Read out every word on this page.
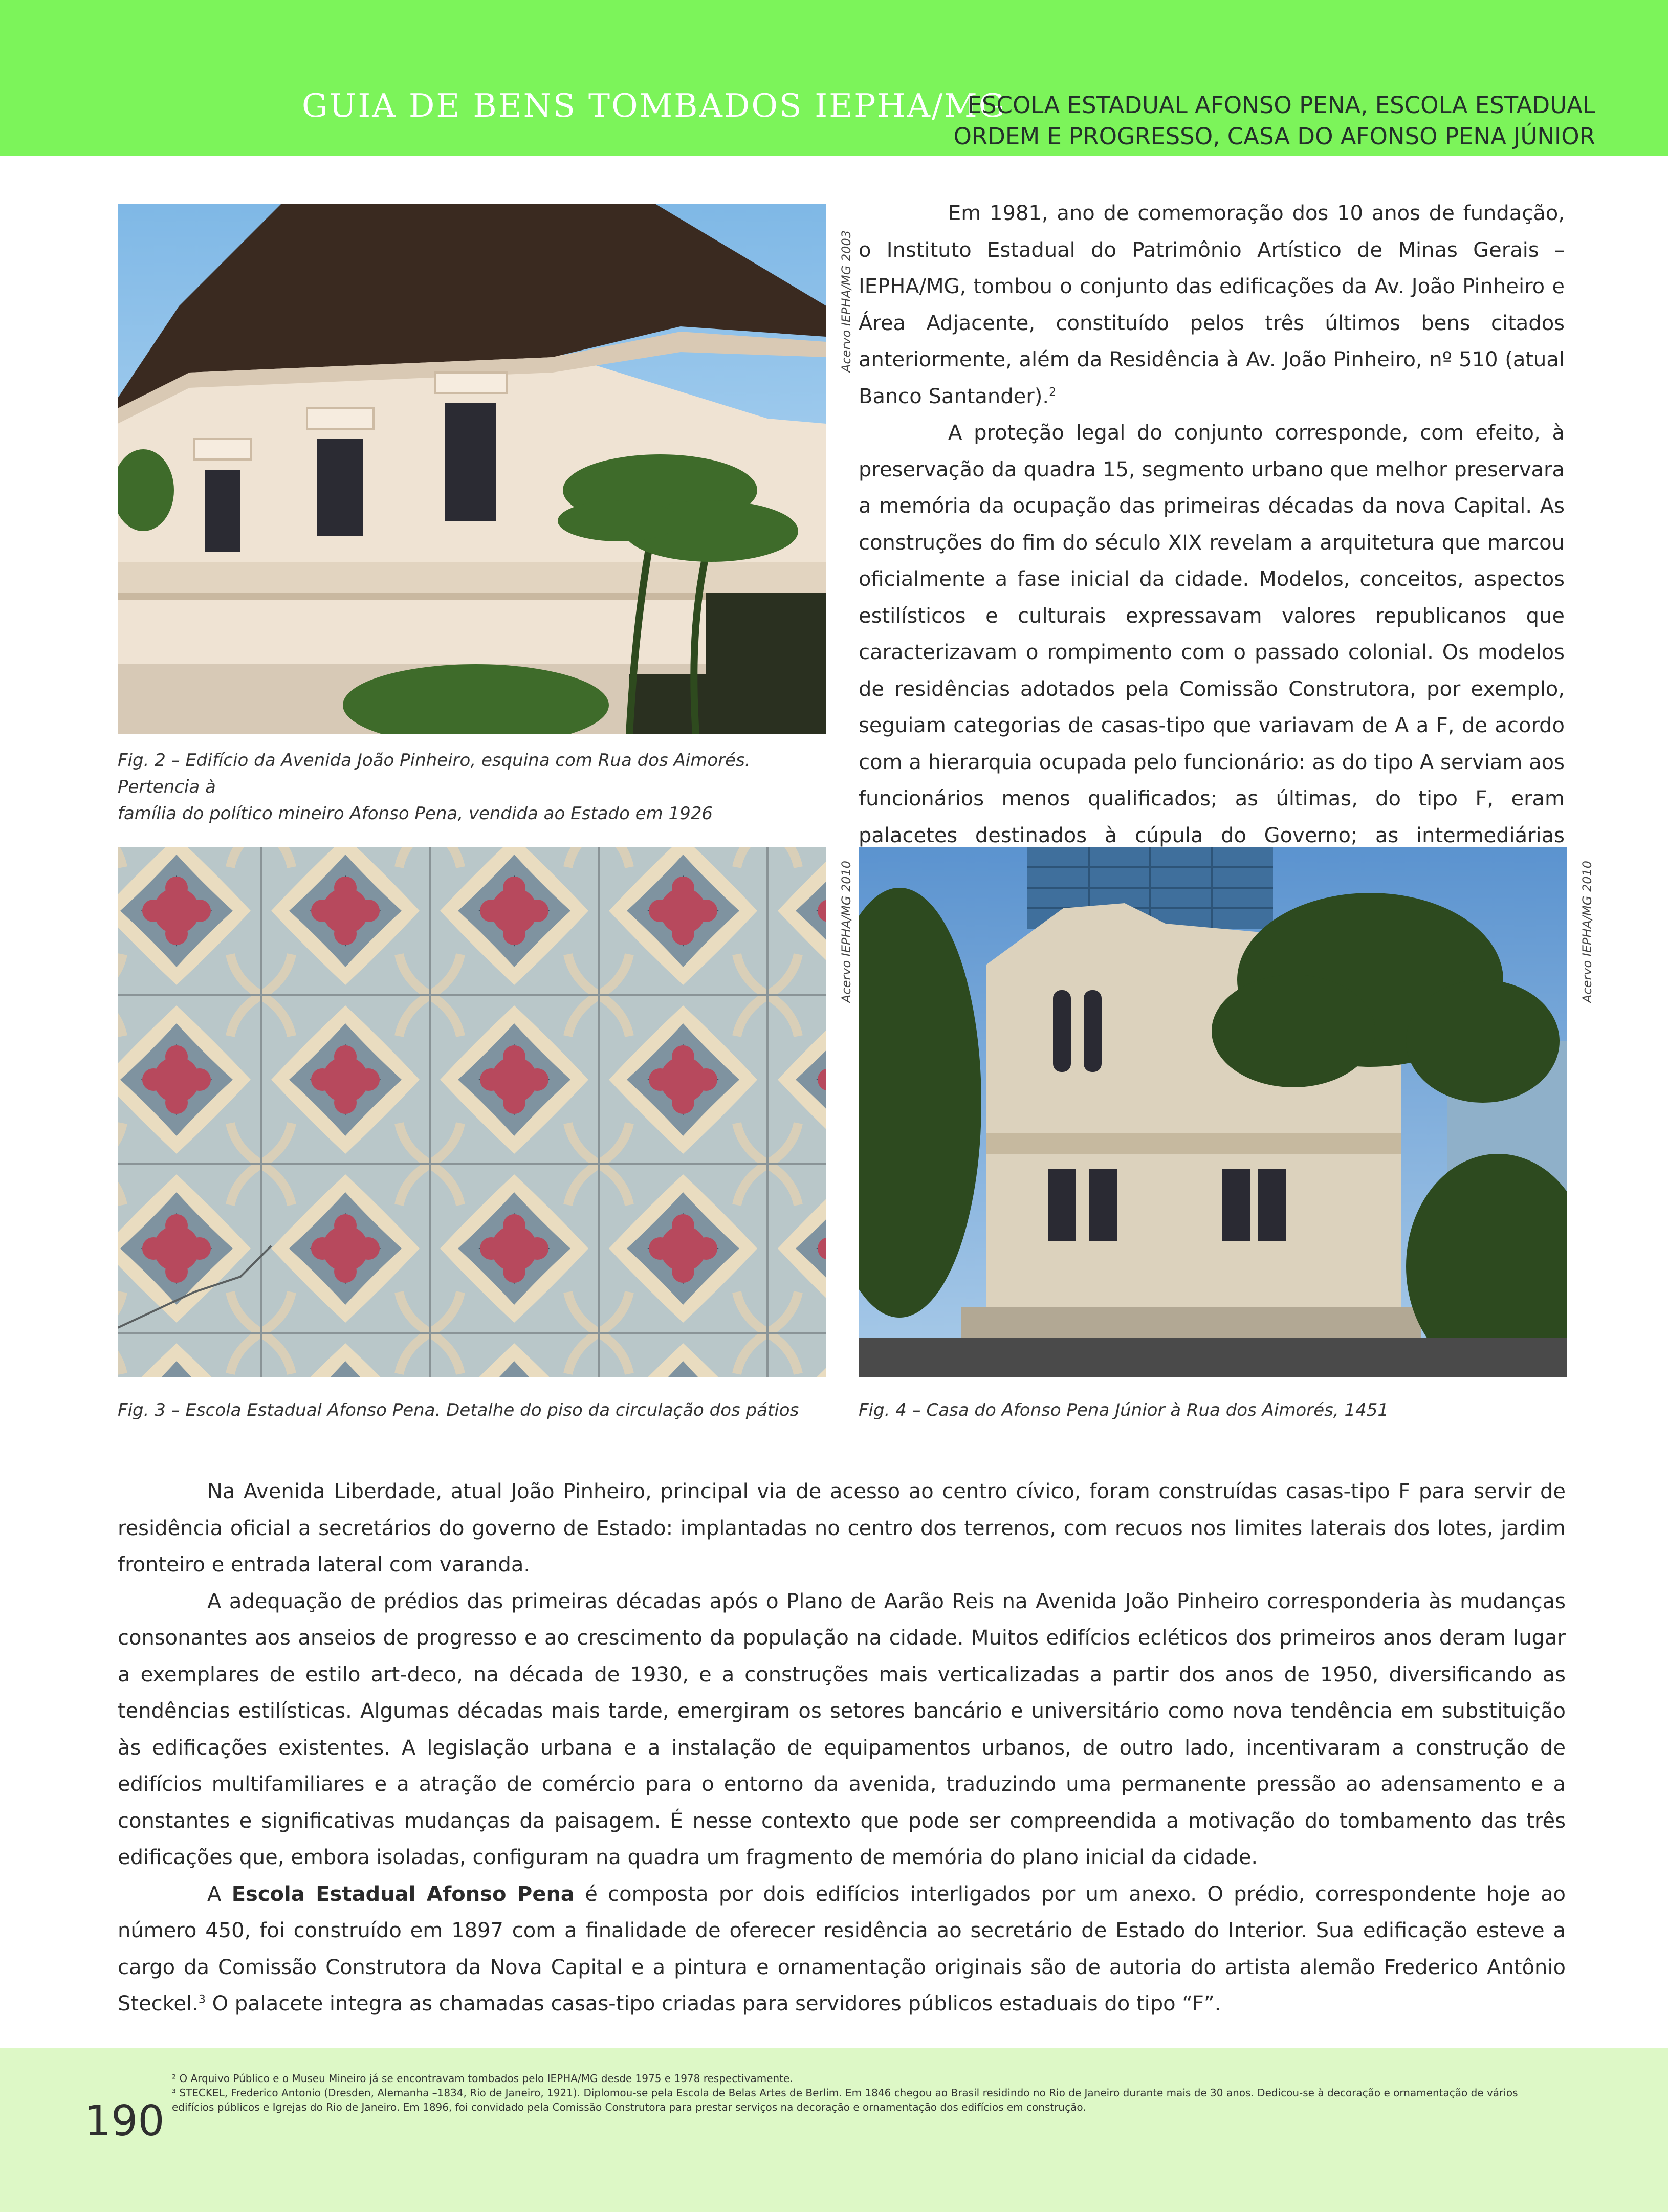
GUIA DE BENS TOMBADOS IEPHA/MG
ESCOLA ESTADUAL AFONSO PENA, ESCOLA ESTADUAL
ORDEM E PROGRESSO, CASA DO AFONSO PENA JÚNIOR
Acervo IEPHA/MG 2003
Fig. 2 – Edifício da Avenida João Pinheiro, esquina com Rua dos Aimorés. Pertencia à
família do político mineiro Afonso Pena, vendida ao Estado em 1926

Em 1981, ano de comemoração dos 10 anos de fundação, o Instituto Estadual do Patrimônio Artístico de Minas Gerais – IEPHA/MG, tombou o conjunto das edificações da Av. João Pinheiro e Área Adjacente, constituído pelos três últimos bens citados anteriormente, além da Residência à Av. João Pinheiro, nº 510 (atual Banco Santander).$^2$

A proteção legal do conjunto corresponde, com efeito, à preservação da quadra 15, segmento urbano que melhor preservara a memória da ocupação das primeiras décadas da nova Capital. As construções do fim do século XIX revelam a arquitetura que marcou oficialmente a fase inicial da cidade. Modelos, conceitos, aspectos estilísticos e culturais expressavam valores republicanos que caracterizavam o rompimento com o passado colonial. Os modelos de residências adotados pela Comissão Construtora, por exemplo, seguiam categorias de casas-tipo que variavam de A a F, de acordo com a hierarquia ocupada pelo funcionário: as do tipo A serviam aos funcionários menos qualificados; as últimas, do tipo F, eram palacetes destinados à cúpula do Governo; as intermediárias

Acervo IEPHA/MG 2010
Fig. 3 – Escola Estadual Afonso Pena. Detalhe do piso da circulação dos pátios
Acervo IEPHA/MG 2010
Fig. 4 – Casa do Afonso Pena Júnior à Rua dos Aimorés, 1451

Na Avenida Liberdade, atual João Pinheiro, principal via de acesso ao centro cívico, foram construídas casas-tipo F para servir de residência oficial a secretários do governo de Estado: implantadas no centro dos terrenos, com recuos nos limites laterais dos lotes, jardim fronteiro e entrada lateral com varanda.

A adequação de prédios das primeiras décadas após o Plano de Aarão Reis na Avenida João Pinheiro corresponderia às mudanças consonantes aos anseios de progresso e ao crescimento da população na cidade. Muitos edifícios ecléticos dos primeiros anos deram lugar a exemplares de estilo art-deco, na década de 1930, e a construções mais verticalizadas a partir dos anos de 1950, diversificando as tendências estilísticas. Algumas décadas mais tarde, emergiram os setores bancário e universitário como nova tendência em substituição às edificações existentes. A legislação urbana e a instalação de equipamentos urbanos, de outro lado, incentivaram a construção de edifícios multifamiliares e a atração de comércio para o entorno da avenida, traduzindo uma permanente pressão ao adensamento e a constantes e significativas mudanças da paisagem. É nesse contexto que pode ser compreendida a motivação do tombamento das três edificações que, embora isoladas, configuram na quadra um fragmento de memória do plano inicial da cidade.

A Escola Estadual Afonso Pena é composta por dois edifícios interligados por um anexo. O prédio, correspondente hoje ao número 450, foi construído em 1897 com a finalidade de oferecer residência ao secretário de Estado do Interior. Sua edificação esteve a cargo da Comissão Construtora da Nova Capital e a pintura e ornamentação originais são de autoria do artista alemão Frederico Antônio Steckel.$^3$ O palacete integra as chamadas casas-tipo criadas para servidores públicos estaduais do tipo “F”.

190
² O Arquivo Público e o Museu Mineiro já se encontravam tombados pelo IEPHA/MG desde 1975 e 1978 respectivamente.
³ STECKEL, Frederico Antonio (Dresden, Alemanha –1834, Rio de Janeiro, 1921). Diplomou-se pela Escola de Belas Artes de Berlim. Em 1846 chegou ao Brasil residindo no Rio de Janeiro durante mais de 30 anos. Dedicou-se à decoração e ornamentação de vários
edifícios públicos e Igrejas do Rio de Janeiro. Em 1896, foi convidado pela Comissão Construtora para prestar serviços na decoração e ornamentação dos edifícios em construção.
